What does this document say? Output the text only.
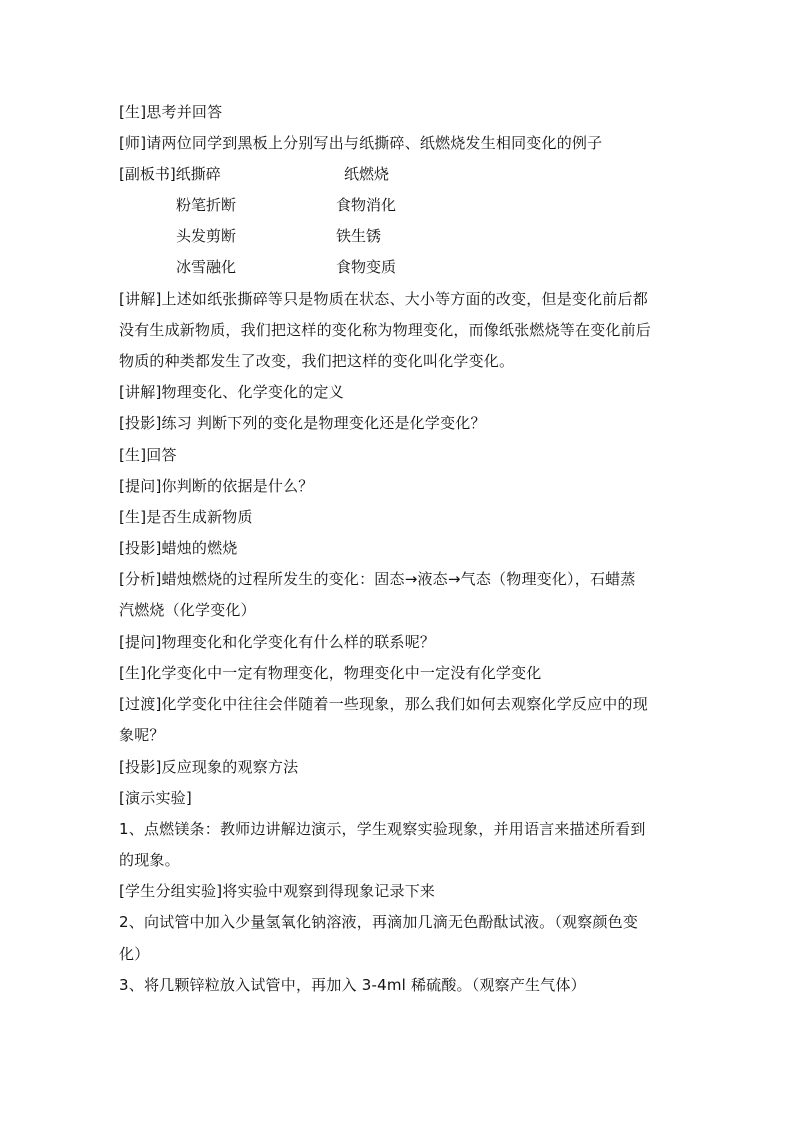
[生]思考并回答
[师]请两位同学到黑板上分别写出与纸撕碎、纸燃烧发生相同变化的例子
[副板书]纸撕碎	纸燃烧
粉笔折断	食物消化
头发剪断	铁生锈
冰雪融化	食物变质
[讲解]上述如纸张撕碎等只是物质在状态、大小等方面的改变，但是变化前后都
没有生成新物质，我们把这样的变化称为物理变化，而像纸张燃烧等在变化前后
物质的种类都发生了改变，我们把这样的变化叫化学变化。
[讲解]物理变化、化学变化的定义
[投影]练习 判断下列的变化是物理变化还是化学变化？
[生]回答
[提问]你判断的依据是什么？
[生]是否生成新物质
[投影]蜡烛的燃烧
[分析]蜡烛燃烧的过程所发生的变化：固态→液态→气态（物理变化），石蜡蒸
汽燃烧（化学变化）
[提问]物理变化和化学变化有什么样的联系呢？
[生]化学变化中一定有物理变化，物理变化中一定没有化学变化
[过渡]化学变化中往往会伴随着一些现象，那么我们如何去观察化学反应中的现
象呢？
[投影]反应现象的观察方法
[演示实验]
1、点燃镁条：教师边讲解边演示，学生观察实验现象，并用语言来描述所看到
的现象。
[学生分组实验]将实验中观察到得现象记录下来
2、向试管中加入少量氢氧化钠溶液，再滴加几滴无色酚酞试液。（观察颜色变
化）
3、将几颗锌粒放入试管中，再加入 3-4ml 稀硫酸。（观察产生气体）
